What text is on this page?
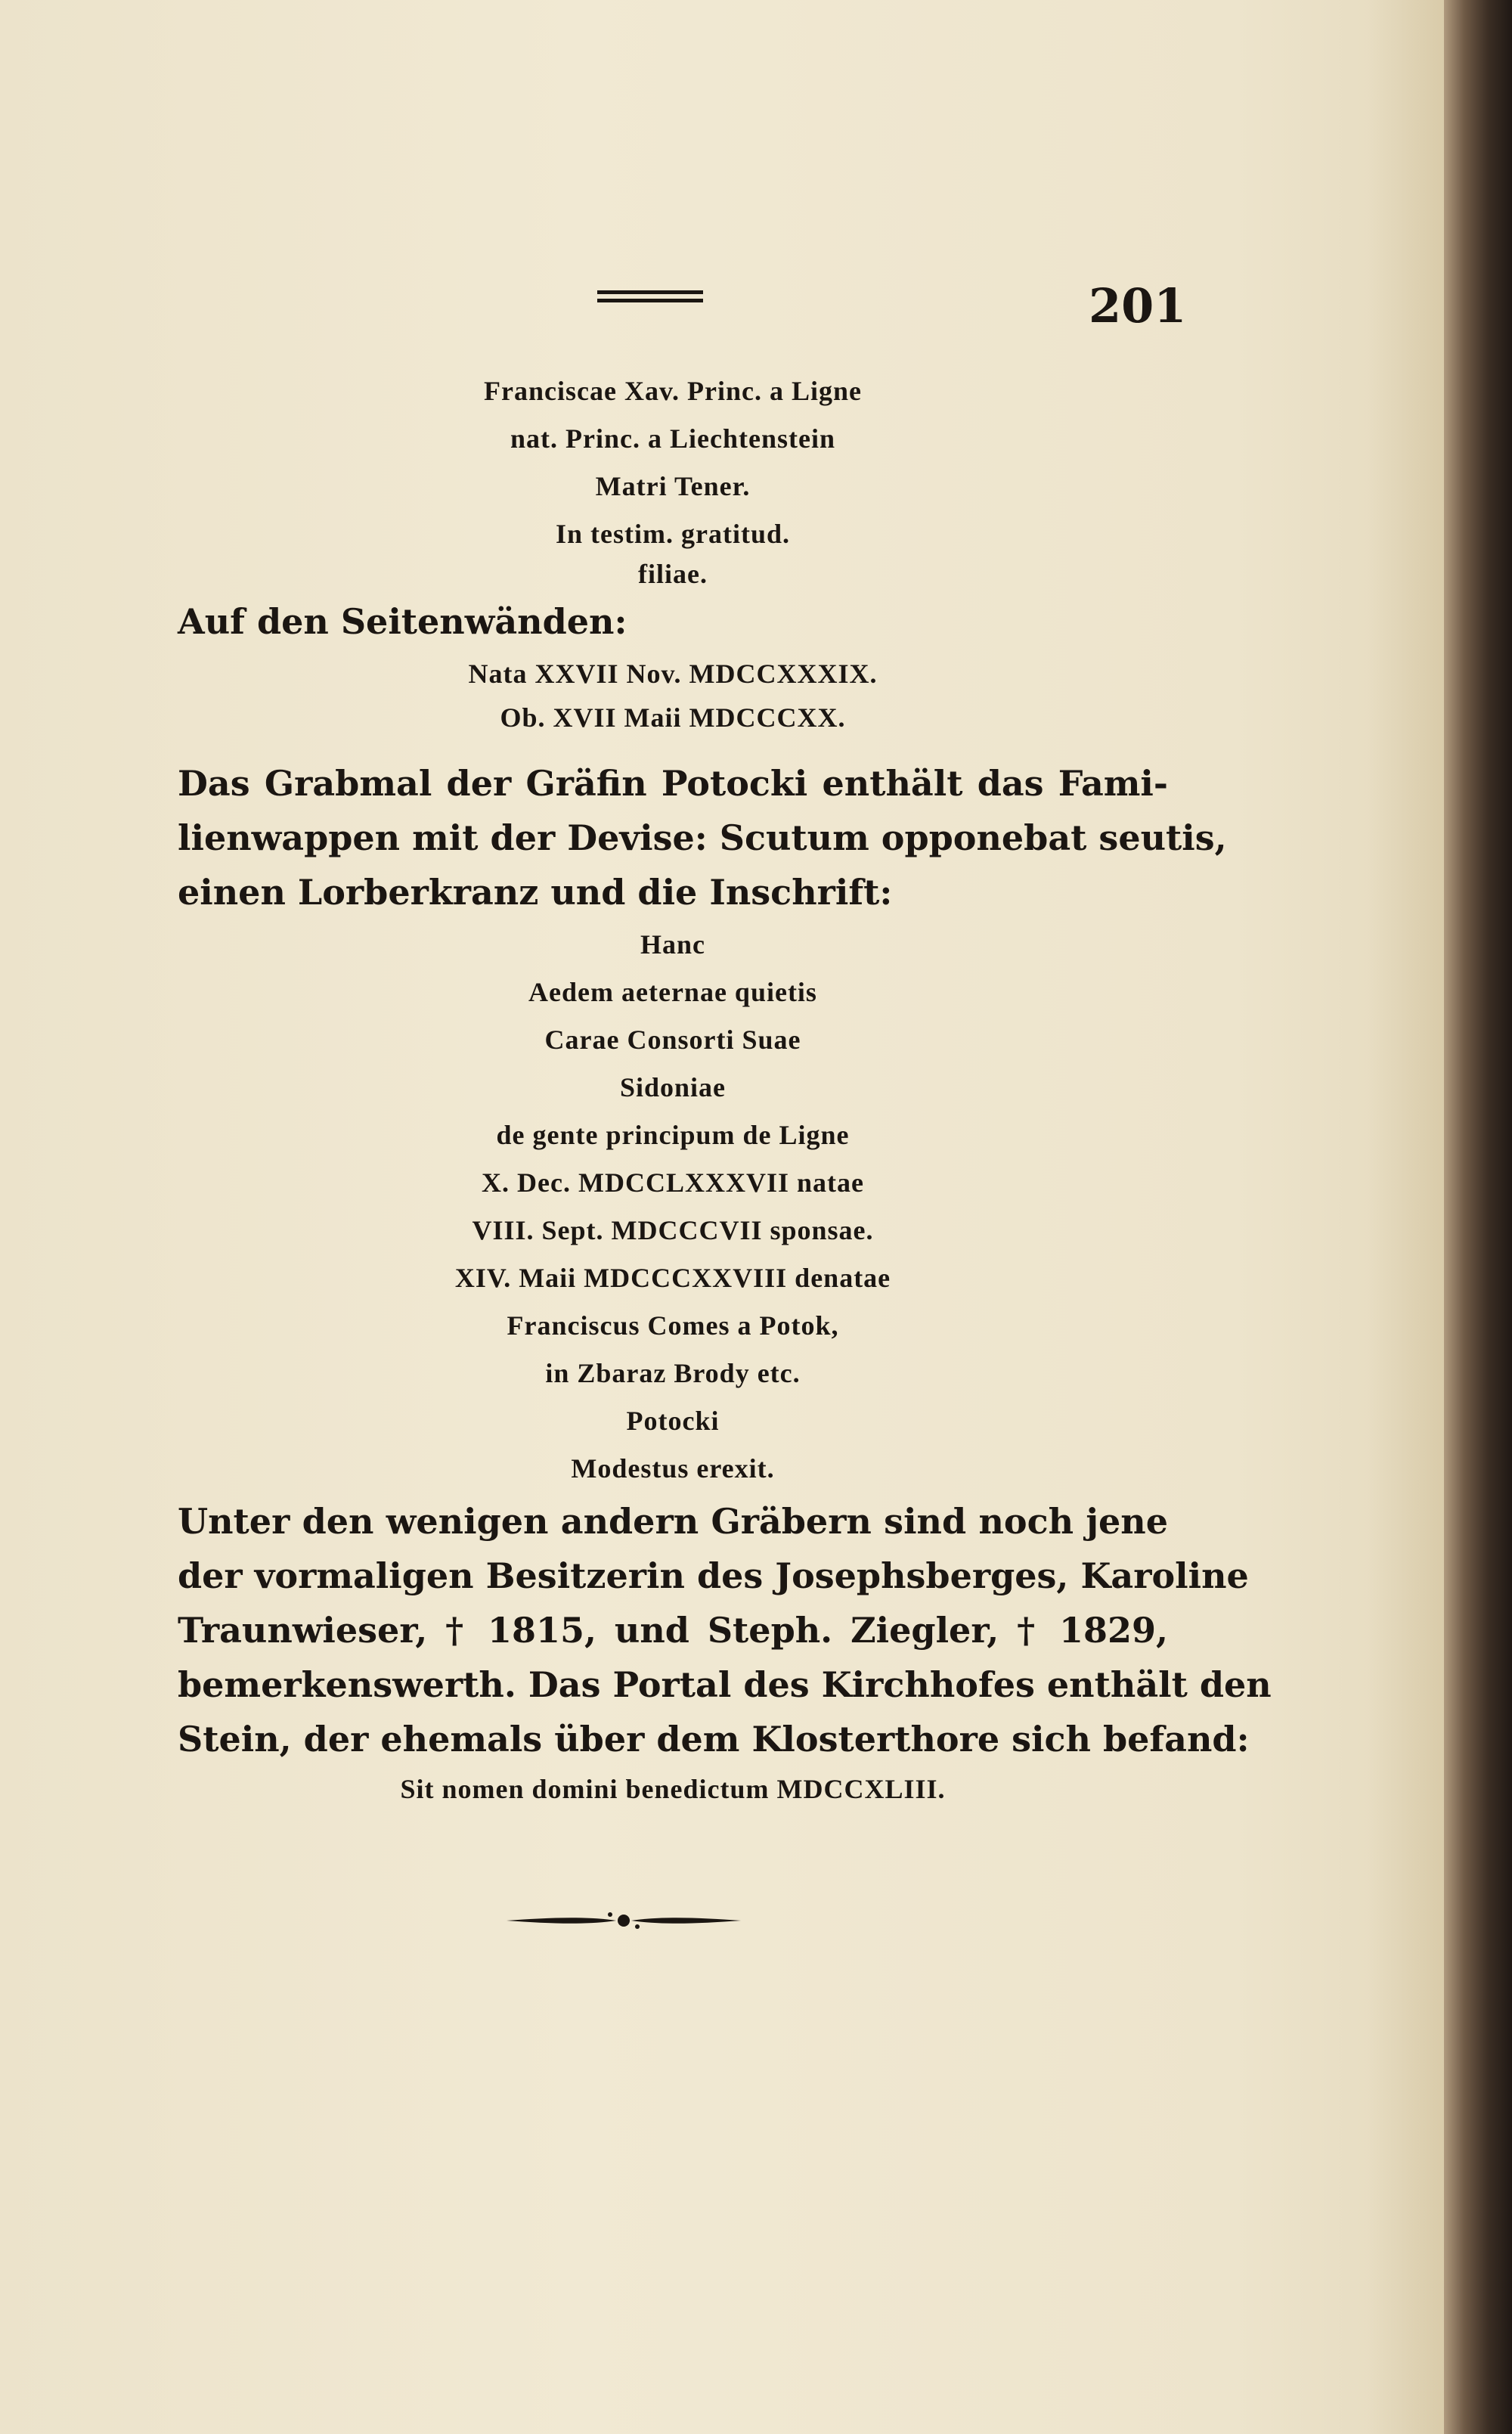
201
Franciscae Xav. Princ. a Ligne
nat. Princ. a Liechtenstein
Matri Tener.
In testim. gratitud.
filiae.
Auf den Seitenwänden:
Nata XXVII Nov. MDCCXXXIX.
Ob. XVII Maii MDCCCXX.
Das Grabmal der Gräfin Potocki enthält das Fami-
lienwappen mit der Devise: Scutum opponebat seutis,
einen Lorberkranz und die Inschrift:
Hanc
Aedem aeternae quietis
Carae Consorti Suae
Sidoniae
de gente principum de Ligne
X. Dec. MDCCLXXXVII natae
VIII. Sept. MDCCCVII sponsae.
XIV. Maii MDCCCXXVIII denatae
Franciscus Comes a Potok,
in Zbaraz Brody etc.
Potocki
Modestus erexit.
Unter den wenigen andern Gräbern sind noch jene
der vormaligen Besitzerin des Josephsberges, Karoline
Traunwieser, † 1815, und Steph. Ziegler, † 1829,
bemerkenswerth. Das Portal des Kirchhofes enthält den
Stein, der ehemals über dem Klosterthore sich befand:
Sit nomen domini benedictum MDCCXLIII.
